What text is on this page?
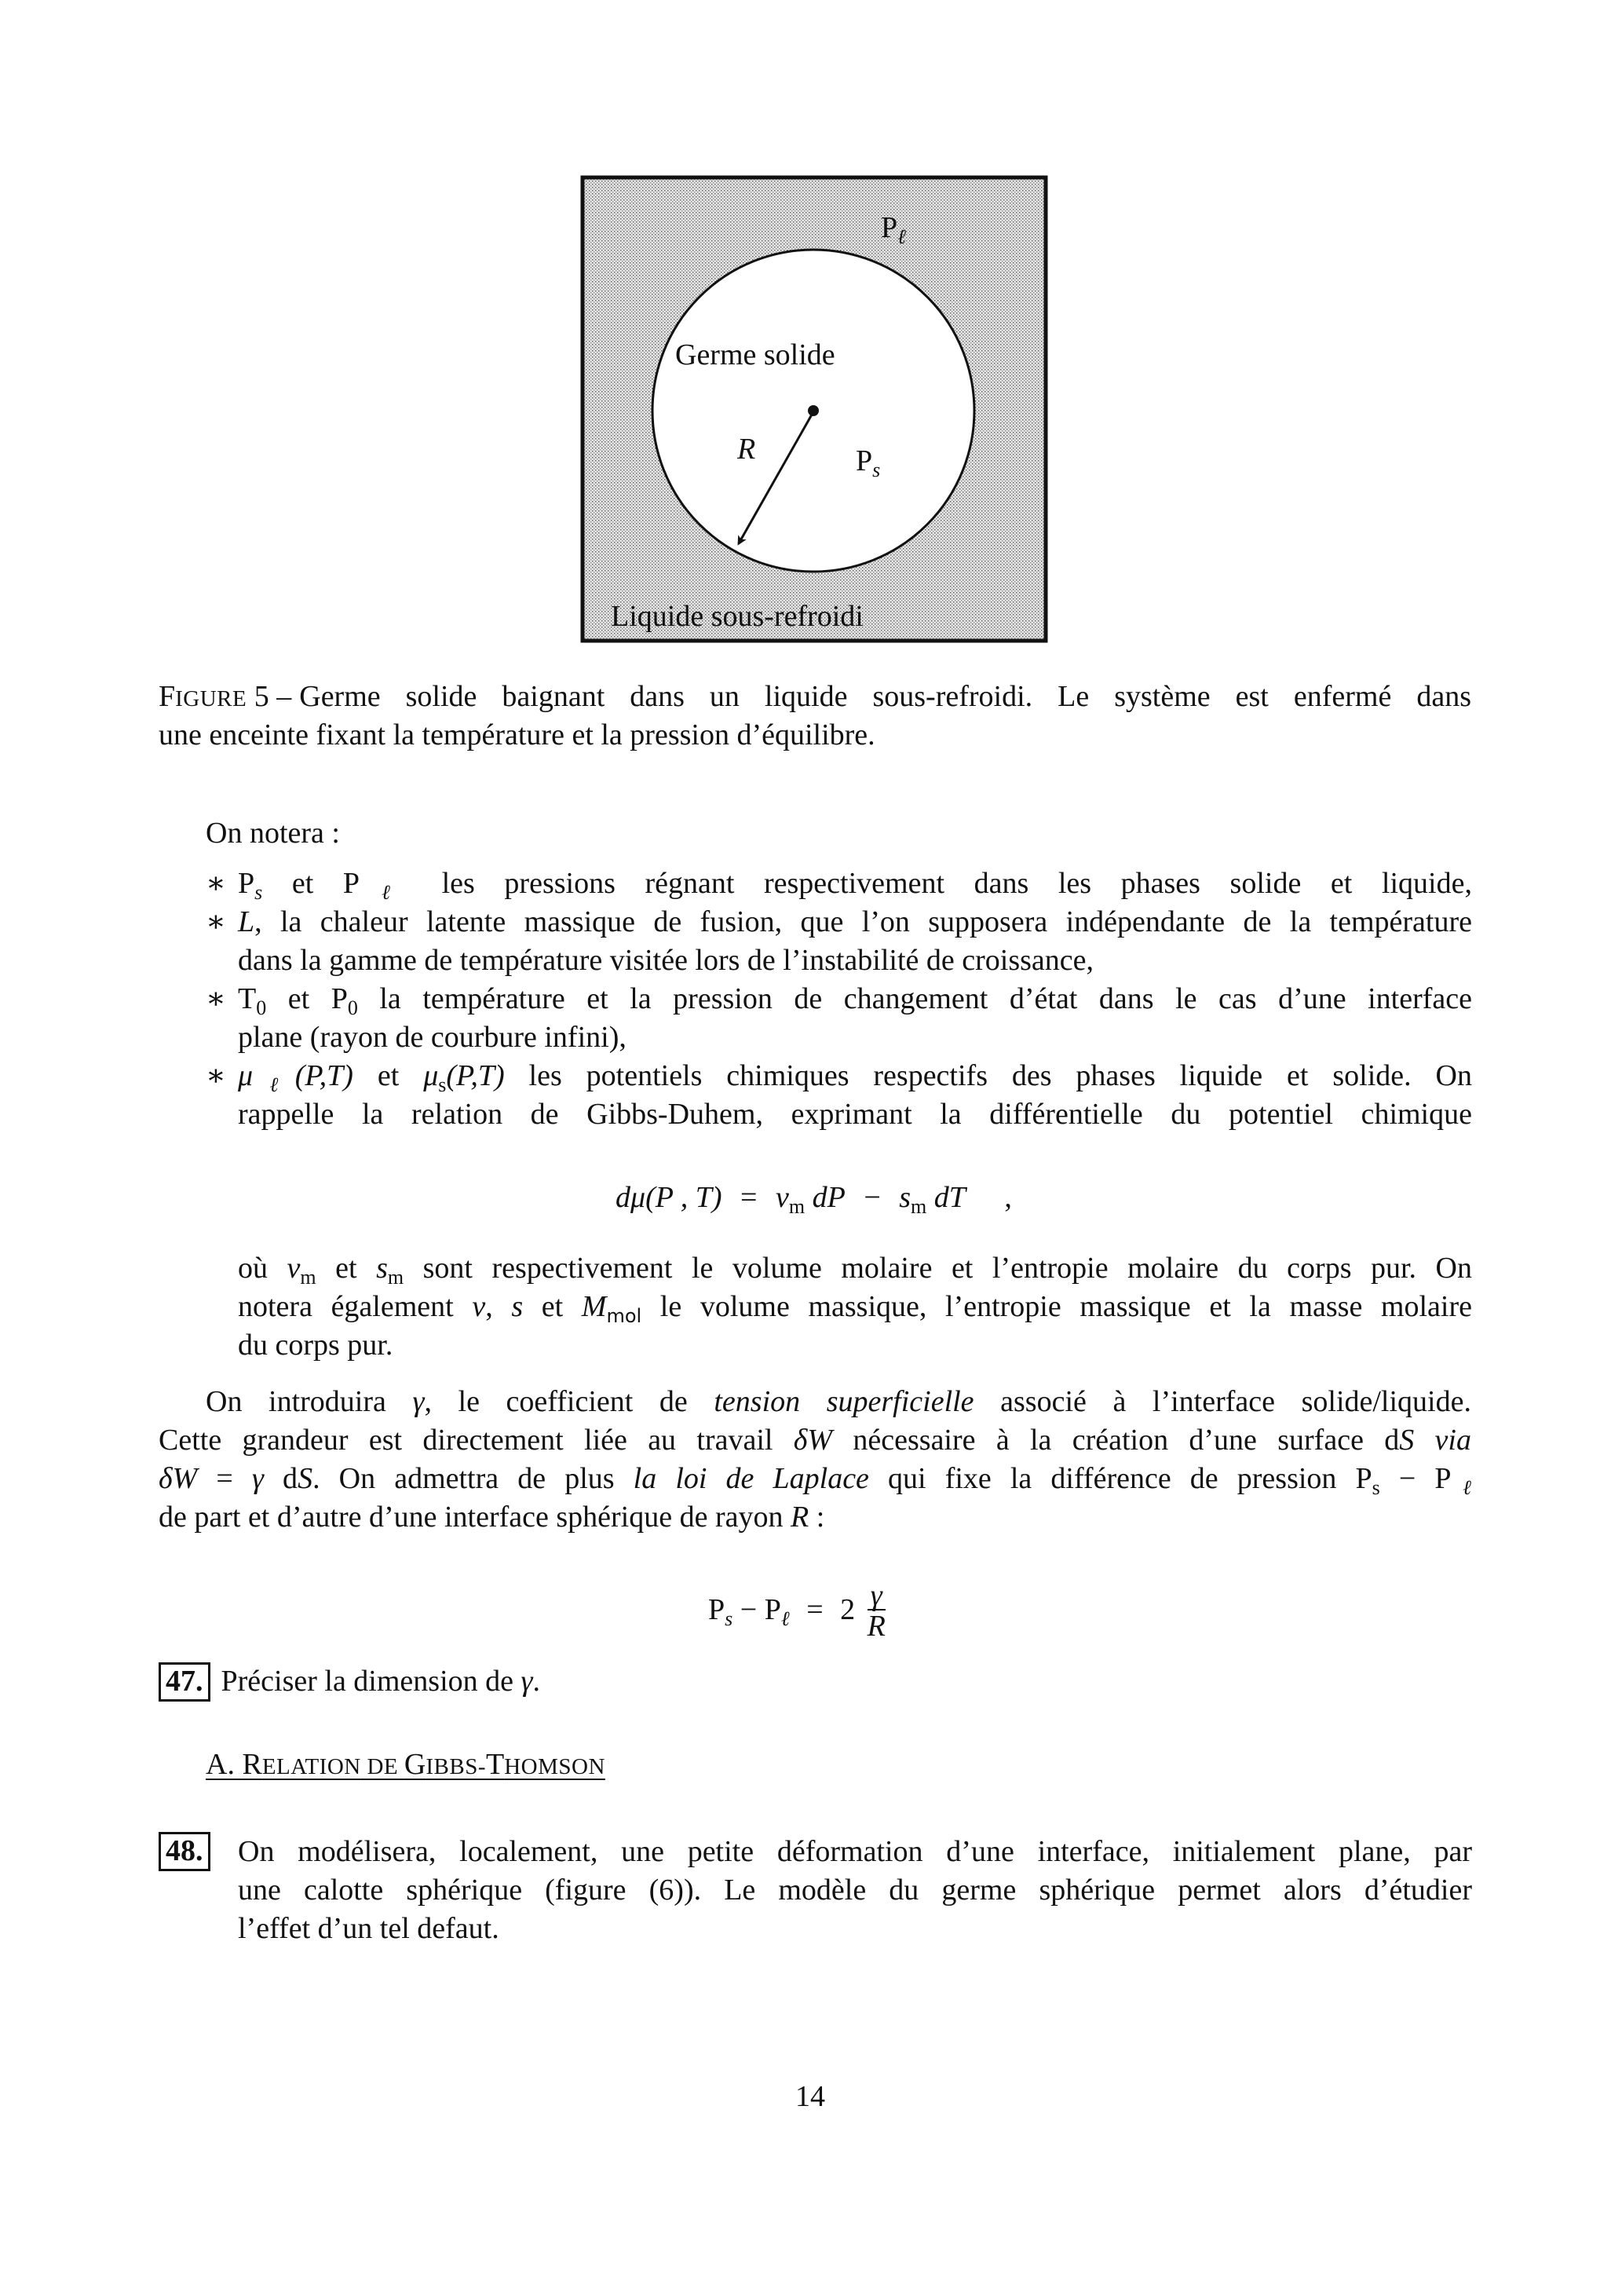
$P_\ell$
Germe solide
R	$P_s$
Liquide sous-refroidi
FIGURE 5 – Germe solide baignant dans un liquide sous-refroidi. Le système est enfermé dans
une enceinte fixant la température et la pression d’équilibre.
On notera :
∗ $P_s$ et $P_\ell$ les pressions régnant respectivement dans les phases solide et liquide,
∗ L, la chaleur latente massique de fusion, que l’on supposera indépendante de la température
dans la gamme de température visitée lors de l’instabilité de croissance,
∗ $T_0$ et $P_0$ la température et la pression de changement d’état dans le cas d’une interface
plane (rayon de courbure infini),
∗ $\mu_\ell(P,T)$ et $\mu_s(P,T)$ les potentiels chimiques respectifs des phases liquide et solide. On
rappelle la relation de Gibbs-Duhem, exprimant la différentielle du potentiel chimique
dμ(P , $T) = v_m$ dP − $s_m$ dT ,
où $v_m$ et $s_m$ sont respectivement le volume molaire et l’entropie molaire du corps pur. On
notera également v, s et $M_{mol}$ le volume massique, l’entropie massique et la masse molaire
du corps pur.
On introduira γ, le coefficient de tension superficielle associé à l’interface solide/liquide.
Cette grandeur est directement liée au travail δW nécessaire à la création d’une surface dS via
δW = γ dS. On admettra de plus la loi de Laplace qui fixe la différence de pression $P_s - P_\ell$
de part et d’autre d’une interface sphérique de rayon R :
$P_s - P_\ell = 2 \frac{\gamma}{R}$
47. Préciser la dimension de γ.
A. RELATION DE GIBBS-THOMSON
48.	On modélisera, localement, une petite déformation d’une interface, initialement plane, par
une calotte sphérique (figure (6)). Le modèle du germe sphérique permet alors d’étudier
l’effet d’un tel defaut.
14
